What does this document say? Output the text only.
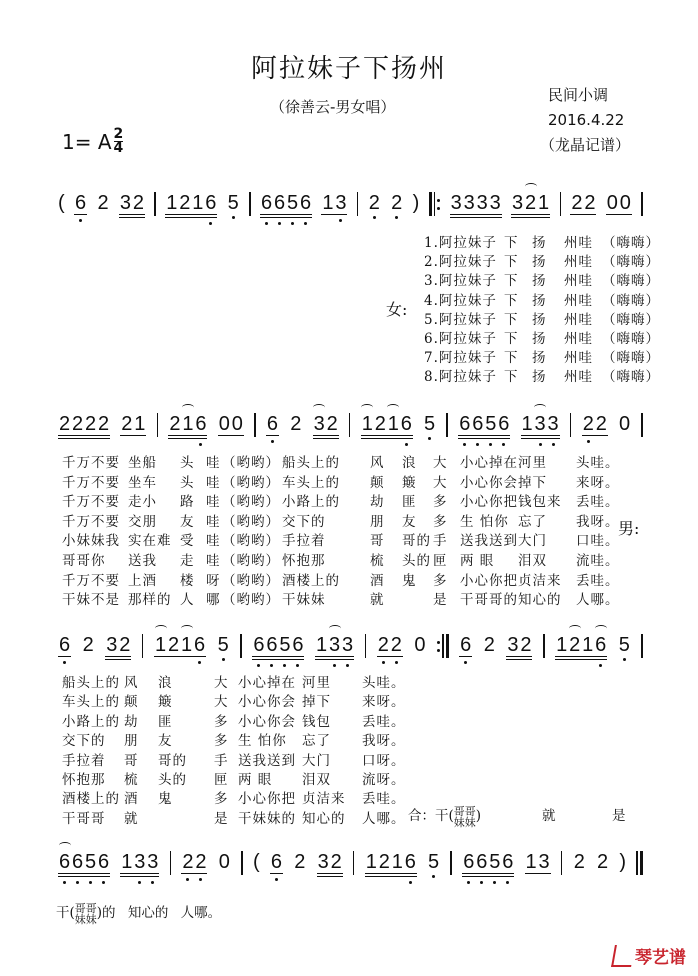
阿拉妹子下扬州
（徐善云-男女唱）
民间小调
2016.4.22
（龙晶记谱）
1= A $\frac{2}{4}$
( 6 2 3 2 1 2 1 6 5 6 6 5 6 1 3 2 2 ) 3 3 3 3 3 2 1 2 2 0 0
2 2 2 2 2 1 2 1 6 0 0 6 2 3 2 1 2 1 6 5 6 6 5 6 1 3 3 2 2 0
6 2 3 2 1 2 1 6 5 6 6 5 6 1 3 3 2 2 0 6 2 3 2 1 2 1 6 5
6 6 5 6 1 3 3 2 2 0 ( 6 2 3 2 1 2 1 6 5 6 6 5 6 1 3 2 2 )
女:
1.阿拉妹子 下 扬 州哇 （嗨嗨）
2.阿拉妹子 下 扬 州哇 （嗨嗨）
3.阿拉妹子 下 扬 州哇 （嗨嗨）
4.阿拉妹子 下 扬 州哇 （嗨嗨）
5.阿拉妹子 下 扬 州哇 （嗨嗨）
6.阿拉妹子 下 扬 州哇 （嗨嗨）
7.阿拉妹子 下 扬 州哇 （嗨嗨）
8.阿拉妹子 下 扬 州哇 （嗨嗨）
男:
千万不要 坐船 头 哇 （哟哟） 船头上的 风 浪 大 小心掉在 河里 头哇。
千万不要 坐车 头 哇 （哟哟） 车头上的 颠 簸 大 小心你会 掉下 来呀。
千万不要 走小 路 哇 （哟哟） 小路上的 劫 匪 多 小心你把 钱包来 丢哇。
千万不要 交朋 友 哇 （哟哟） 交下的	朋 友 多 生 怕你 忘了 我呀。
小妹妹我 实在难 受 哇 （哟哟） 手拉着	哥 哥的 手 送我送到 大门 口哇。
哥哥你 送我 走 哇 （哟哟） 怀抱那	梳 头的 匣 两 眼 泪双 流哇。
千万不要 上酒 楼 呀 （哟哟） 酒楼上的 酒 鬼 多 小心你把 贞洁来 丢哇。
干妹不是 那样的 人 哪 （哟哟） 干妹妹	就	是 干哥哥的 知心的 人哪。
船头上的 风 浪	大 小心掉在 河里 头哇。
车头上的 颠 簸	大 小心你会 掉下 来呀。
小路上的 劫 匪	多 小心你会 钱包 丢哇。
交下的 朋 友	多 生 怕你 忘了 我呀。
手拉着 哥 哥的 手 送我送到 大门 口呀。
怀抱那 梳 头的 匣 两 眼 泪双 流呀。
酒楼上的 酒 鬼	多 小心你把 贞洁来 丢哇。
干哥哥 就	是 干妹妹的 知心的 人哪。 合：干( 哥哥
妹妹 )	就	是
干( 哥哥
妹妹 )的 知心的 人哪。
琴艺谱
